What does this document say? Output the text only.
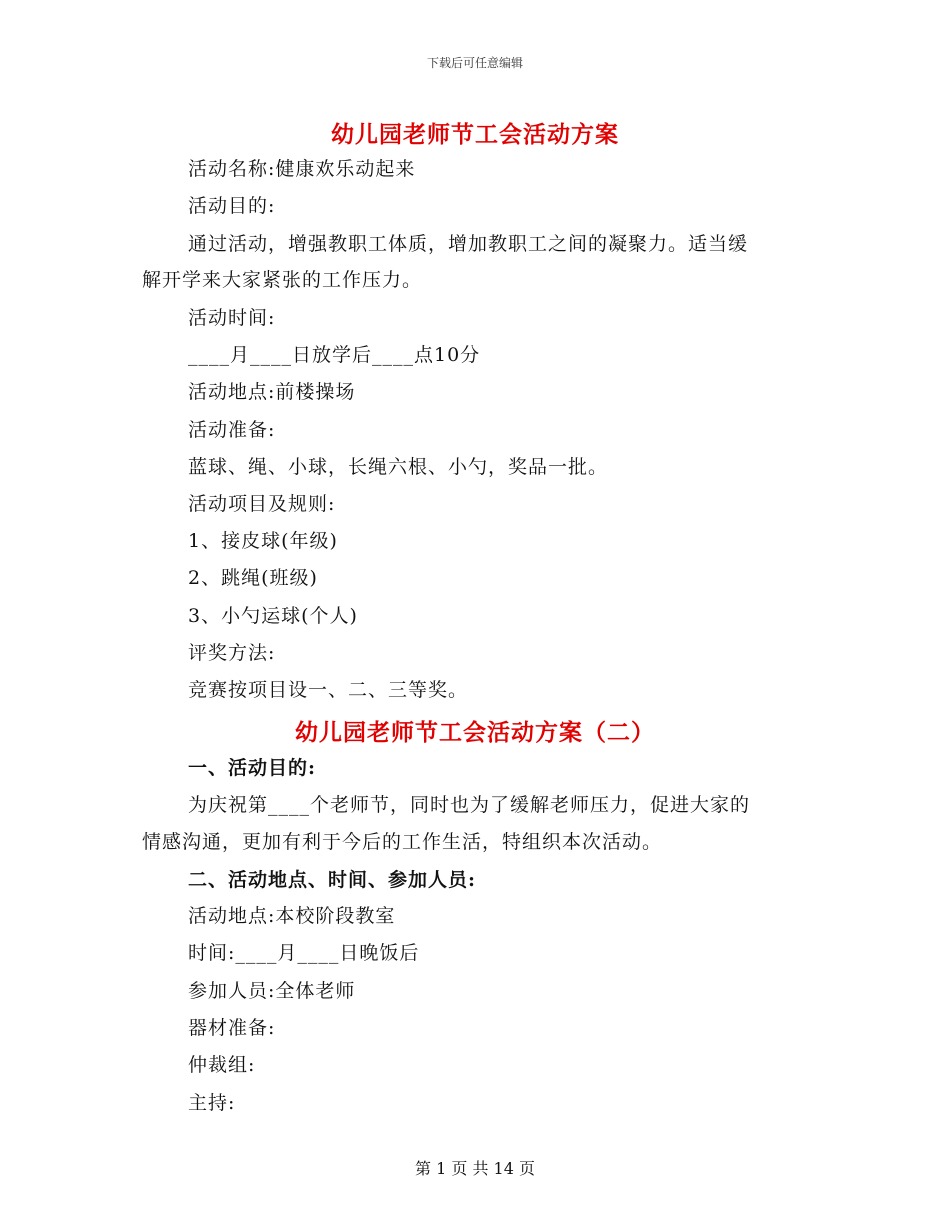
下载后可任意编辑
幼儿园老师节工会活动方案
活动名称:健康欢乐动起来
活动目的:
通过活动，增强教职工体质，增加教职工之间的凝聚力。适当缓
解开学来大家紧张的工作压力。
活动时间:
____月____日放学后____点10分
活动地点:前楼操场
活动准备:
蓝球、绳、小球，长绳六根、小勺，奖品一批。
活动项目及规则:
1、接皮球(年级)
2、跳绳(班级)
3、小勺运球(个人)
评奖方法:
竞赛按项目设一、二、三等奖。
幼儿园老师节工会活动方案（二）
一、活动目的:
为庆祝第____个老师节，同时也为了缓解老师压力，促进大家的
情感沟通，更加有利于今后的工作生活，特组织本次活动。
二、活动地点、时间、参加人员:
活动地点:本校阶段教室
时间:____月____日晚饭后
参加人员:全体老师
器材准备:
仲裁组:
主持:
第 1 页 共 14 页
